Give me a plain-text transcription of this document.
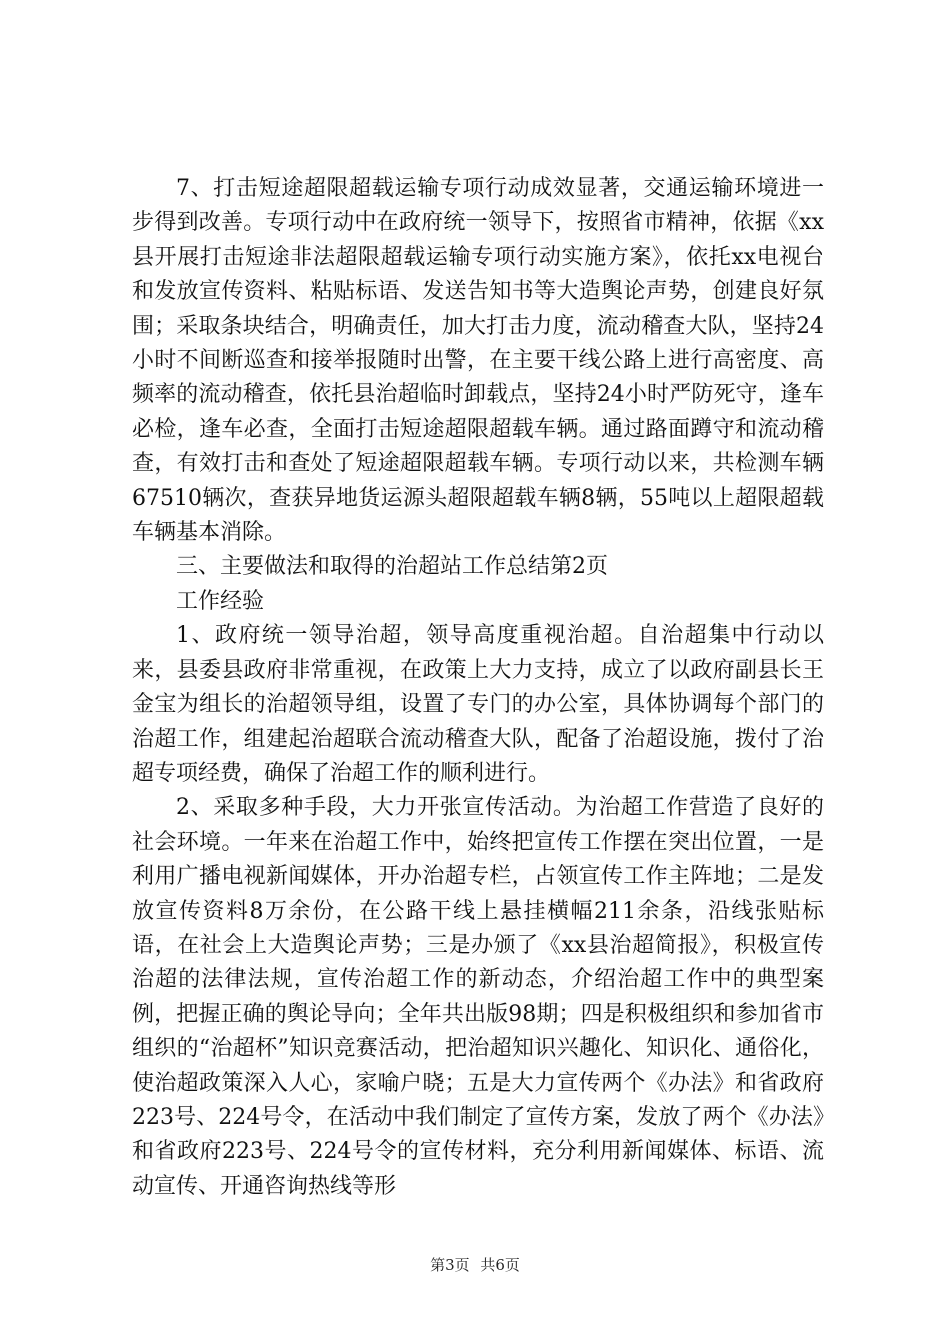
7、打击短途超限超载运输专项行动成效显著，交通运输环境进一步得到改善。专项行动中在政府统一领导下，按照省市精神，依据《xx县开展打击短途非法超限超载运输专项行动实施方案》，依托xx电视台和发放宣传资料、粘贴标语、发送告知书等大造舆论声势，创建良好氛围；采取条块结合，明确责任，加大打击力度，流动稽查大队，坚持24小时不间断巡查和接举报随时出警，在主要干线公路上进行高密度、高频率的流动稽查，依托县治超临时卸载点，坚持24小时严防死守，逢车必检，逢车必查，全面打击短途超限超载车辆。通过路面蹲守和流动稽查，有效打击和查处了短途超限超载车辆。专项行动以来，共检测车辆67510辆次，查获异地货运源头超限超载车辆8辆，55吨以上超限超载车辆基本消除。

三、主要做法和取得的治超站工作总结第2页

工作经验

1、政府统一领导治超，领导高度重视治超。自治超集中行动以来，县委县政府非常重视，在政策上大力支持，成立了以政府副县长王金宝为组长的治超领导组，设置了专门的办公室，具体协调每个部门的治超工作，组建起治超联合流动稽查大队，配备了治超设施，拨付了治超专项经费，确保了治超工作的顺利进行。

2、采取多种手段，大力开张宣传活动。为治超工作营造了良好的社会环境。一年来在治超工作中，始终把宣传工作摆在突出位置，一是利用广播电视新闻媒体，开办治超专栏，占领宣传工作主阵地；二是发放宣传资料8万余份，在公路干线上悬挂横幅211余条，沿线张贴标语，在社会上大造舆论声势；三是办颁了《xx县治超简报》，积极宣传治超的法律法规，宣传治超工作的新动态，介绍治超工作中的典型案例，把握正确的舆论导向；全年共出版98期；四是积极组织和参加省市组织的“治超杯”知识竞赛活动，把治超知识兴趣化、知识化、通俗化，使治超政策深入人心，家喻户晓；五是大力宣传两个《办法》和省政府223号、224号令，在活动中我们制定了宣传方案，发放了两个《办法》和省政府223号、224号令的宣传材料，充分利用新闻媒体、标语、流动宣传、开通咨询热线等形

第3页 共6页
